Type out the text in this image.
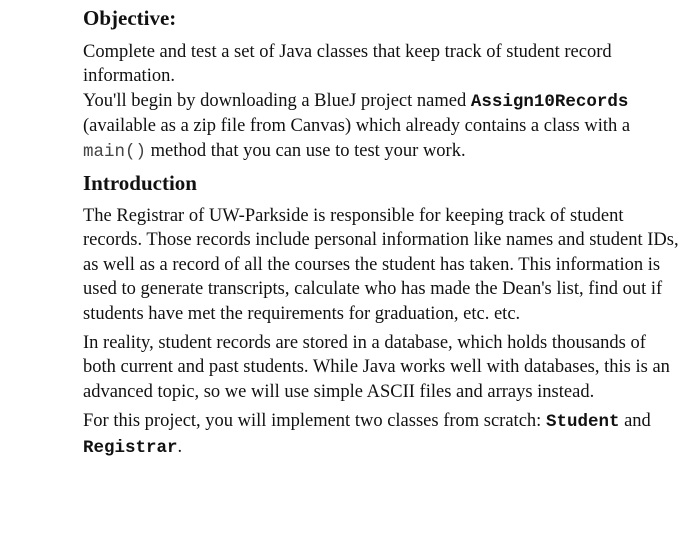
Objective:

Complete and test a set of Java classes that keep track of student record information.

You'll begin by downloading a BlueJ project named Assign10Records (available as a zip file from Canvas) which already contains a class with a main() method that you can use to test your work.

Introduction

The Registrar of UW-Parkside is responsible for keeping track of student records. Those records include personal information like names and student IDs, as well as a record of all the courses the student has taken. This information is used to generate transcripts, calculate who has made the Dean's list, find out if students have met the requirements for graduation, etc. etc.

In reality, student records are stored in a database, which holds thousands of both current and past students. While Java works well with databases, this is an advanced topic, so we will use simple ASCII files and arrays instead.

For this project, you will implement two classes from scratch: Student and Registrar.
